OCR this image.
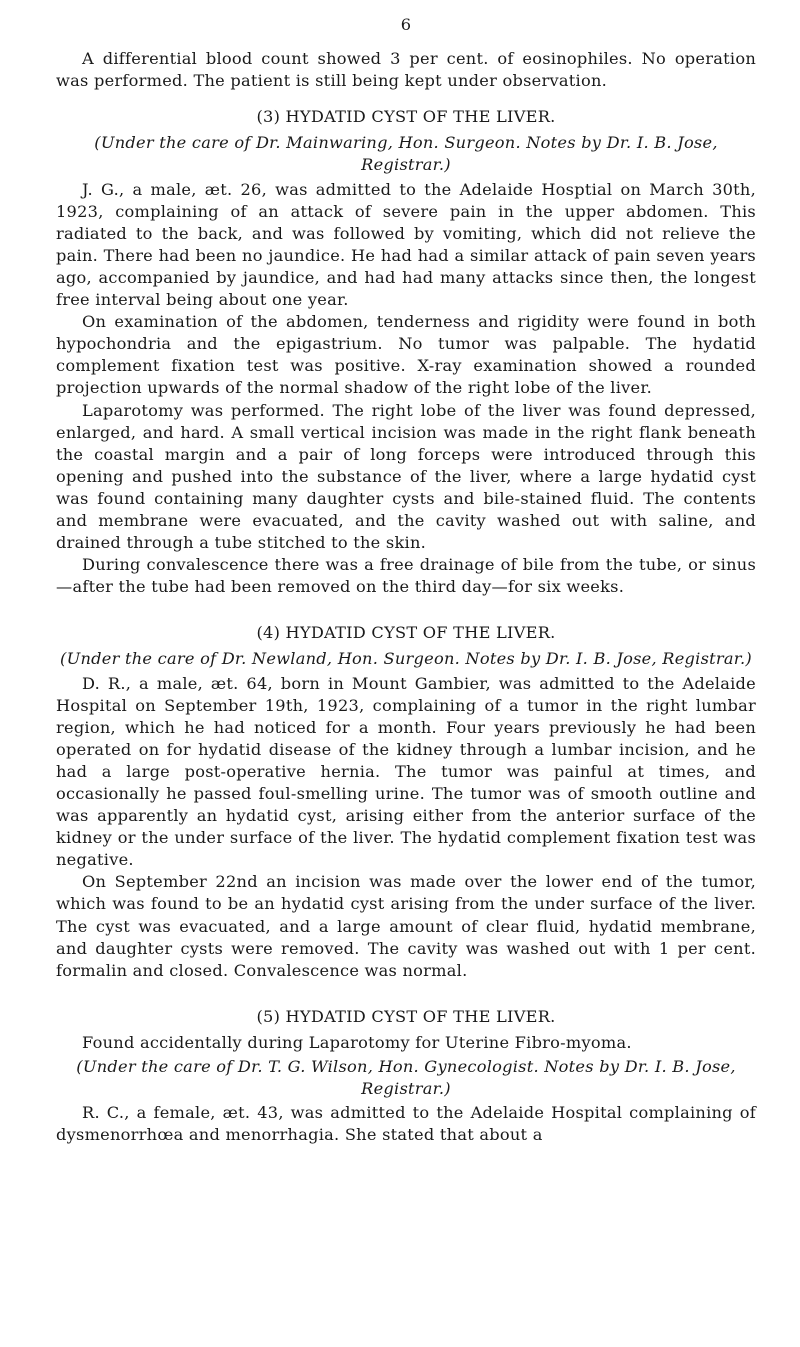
6

A differential blood count showed 3 per cent. of eosinophiles. No operation was performed. The patient is still being kept under observation.

(3) HYDATID CYST OF THE LIVER.
(Under the care of Dr. Mainwaring, Hon. Surgeon. Notes by Dr. I. B. Jose, Registrar.)

J. G., a male, æt. 26, was admitted to the Adelaide Hosptial on March 30th, 1923, complaining of an attack of severe pain in the upper abdomen. This radiated to the back, and was followed by vomiting, which did not relieve the pain. There had been no jaundice. He had had a similar attack of pain seven years ago, accompanied by jaundice, and had had many attacks since then, the longest free interval being about one year.

On examination of the abdomen, tenderness and rigidity were found in both hypochondria and the epigastrium. No tumor was palpable. The hydatid complement fixation test was positive. X-ray examination showed a rounded projection upwards of the normal shadow of the right lobe of the liver.

Laparotomy was performed. The right lobe of the liver was found depressed, enlarged, and hard. A small vertical incision was made in the right flank beneath the coastal margin and a pair of long forceps were introduced through this opening and pushed into the substance of the liver, where a large hydatid cyst was found containing many daughter cysts and bile-stained fluid. The contents and membrane were evacuated, and the cavity washed out with saline, and drained through a tube stitched to the skin.

During convalescence there was a free drainage of bile from the tube, or sinus—after the tube had been removed on the third day—for six weeks.

(4) HYDATID CYST OF THE LIVER.
(Under the care of Dr. Newland, Hon. Surgeon. Notes by Dr. I. B. Jose, Registrar.)

D. R., a male, æt. 64, born in Mount Gambier, was admitted to the Adelaide Hospital on September 19th, 1923, complaining of a tumor in the right lumbar region, which he had noticed for a month. Four years previously he had been operated on for hydatid disease of the kidney through a lumbar incision, and he had a large post-operative hernia. The tumor was painful at times, and occasionally he passed foul-smelling urine. The tumor was of smooth outline and was apparently an hydatid cyst, arising either from the anterior surface of the kidney or the under surface of the liver. The hydatid complement fixation test was negative.

On September 22nd an incision was made over the lower end of the tumor, which was found to be an hydatid cyst arising from the under surface of the liver. The cyst was evacuated, and a large amount of clear fluid, hydatid membrane, and daughter cysts were removed. The cavity was washed out with 1 per cent. formalin and closed. Convalescence was normal.

(5) HYDATID CYST OF THE LIVER.
Found accidentally during Laparotomy for Uterine Fibro-myoma.
(Under the care of Dr. T. G. Wilson, Hon. Gynecologist. Notes by Dr. I. B. Jose, Registrar.)

R. C., a female, æt. 43, was admitted to the Adelaide Hospital complaining of dysmenorrhœa and menorrhagia. She stated that about a
